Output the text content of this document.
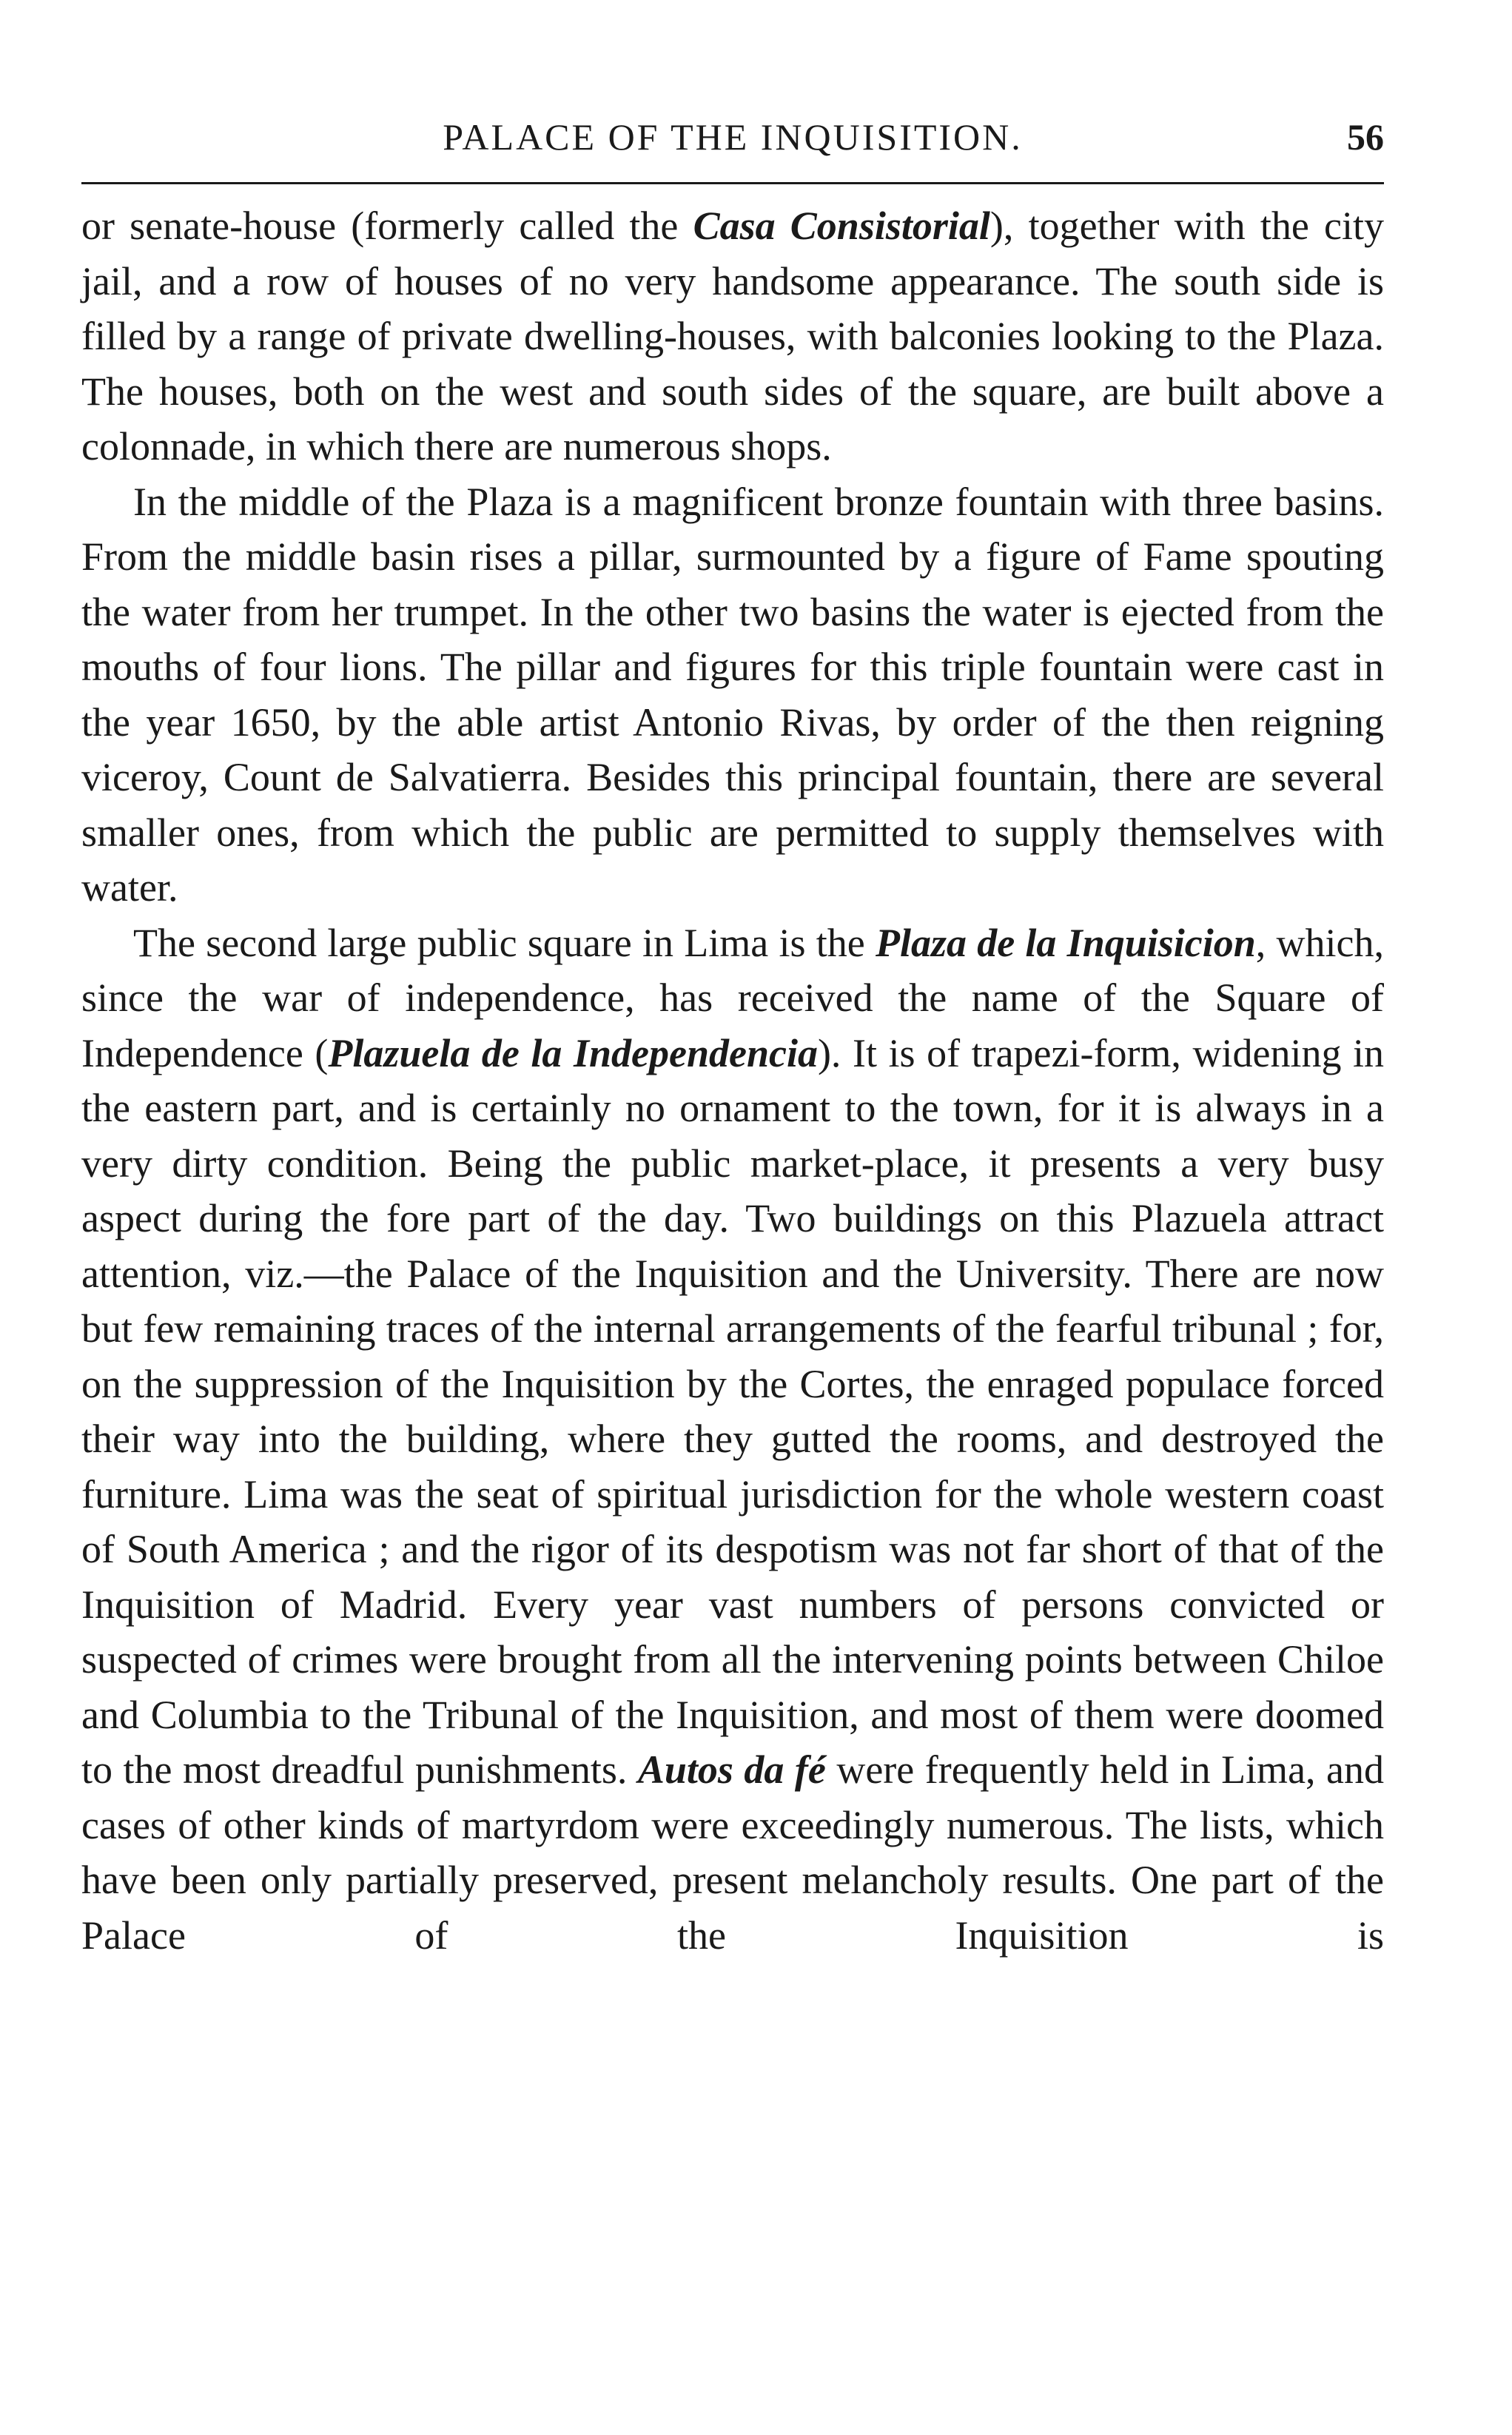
PALACE OF THE INQUISITION.	56

or senate-house (formerly called the Casa Consistorial), together with the city jail, and a row of houses of no very handsome appearance. The south side is filled by a range of private dwelling-houses, with balconies looking to the Plaza. The houses, both on the west and south sides of the square, are built above a colonnade, in which there are numerous shops.

In the middle of the Plaza is a magnificent bronze fountain with three basins. From the middle basin rises a pillar, surmounted by a figure of Fame spouting the water from her trumpet. In the other two basins the water is ejected from the mouths of four lions. The pillar and figures for this triple fountain were cast in the year 1650, by the able artist Antonio Rivas, by order of the then reigning viceroy, Count de Salvatierra. Besides this principal fountain, there are several smaller ones, from which the public are permitted to supply themselves with water.

The second large public square in Lima is the Plaza de la Inquisicion, which, since the war of independence, has received the name of the Square of Independence (Plazuela de la Independencia). It is of trapezi-form, widening in the eastern part, and is certainly no ornament to the town, for it is always in a very dirty condition. Being the public market-place, it presents a very busy aspect during the fore part of the day. Two buildings on this Plazuela attract attention, viz.—the Palace of the Inquisition and the University. There are now but few remaining traces of the internal arrangements of the fearful tribunal ; for, on the suppression of the Inquisition by the Cortes, the enraged populace forced their way into the building, where they gutted the rooms, and destroyed the furniture. Lima was the seat of spiritual jurisdiction for the whole western coast of South America ; and the rigor of its despotism was not far short of that of the Inquisition of Madrid. Every year vast numbers of persons convicted or suspected of crimes were brought from all the intervening points between Chiloe and Columbia to the Tribunal of the Inquisition, and most of them were doomed to the most dreadful punishments. Autos da fé were frequently held in Lima, and cases of other kinds of martyrdom were exceedingly numerous. The lists, which have been only partially preserved, present melancholy results. One part of the Palace of the Inquisition is
